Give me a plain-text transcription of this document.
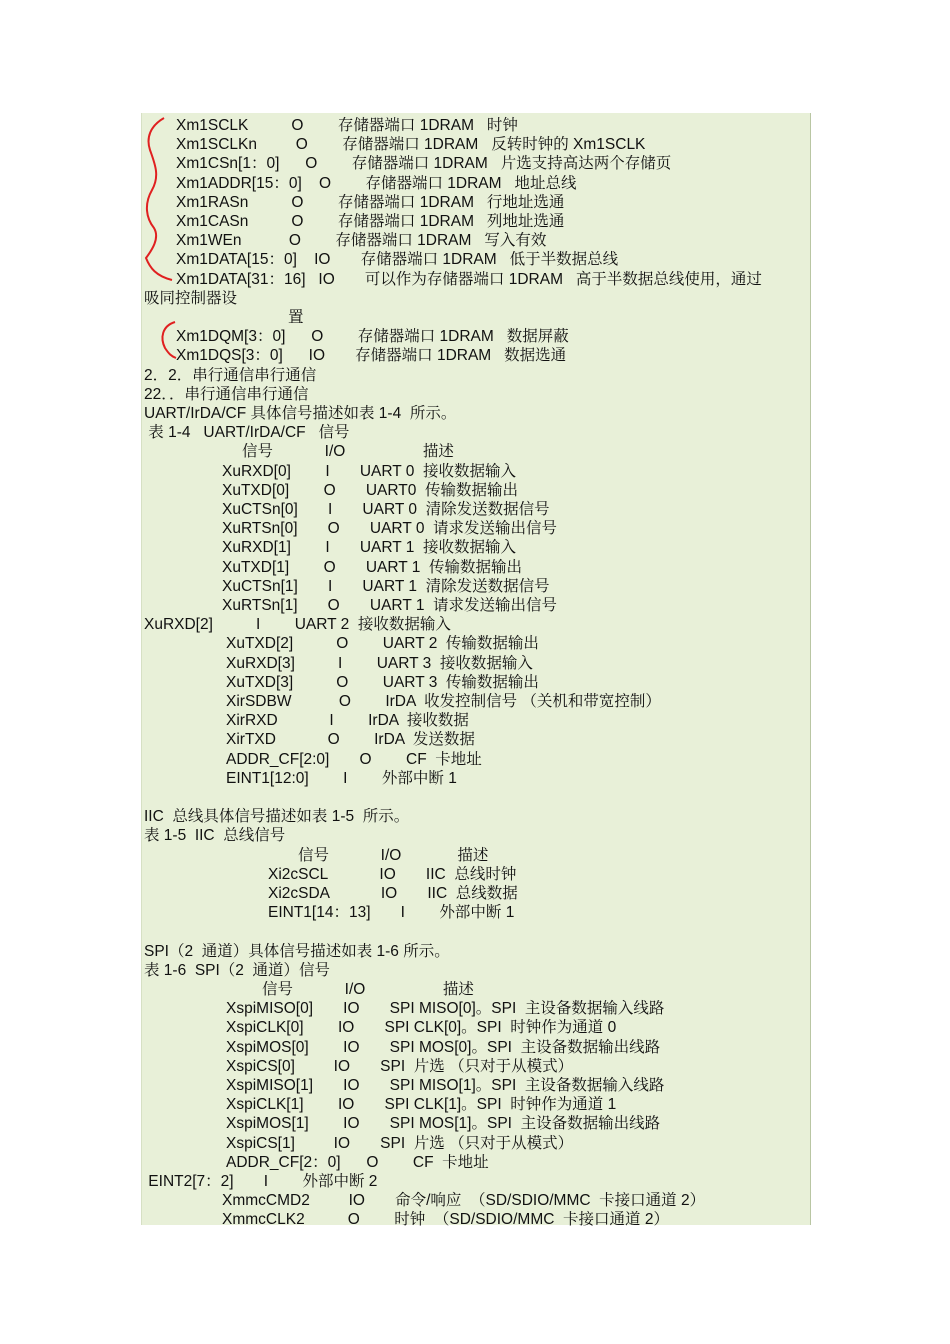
Xm1SCLK          O        存储器端口 1DRAM   时钟
Xm1SCLKn         O        存储器端口 1DRAM   反转时钟的 Xm1SCLK
Xm1CSn[1：0]      O        存储器端口 1DRAM   片选支持高达两个存储页
Xm1ADDR[15：0]    O        存储器端口 1DRAM   地址总线
Xm1RASn          O        存储器端口 1DRAM   行地址选通
Xm1CASn          O        存储器端口 1DRAM   列地址选通
Xm1WEn           O        存储器端口 1DRAM   写入有效
Xm1DATA[15：0]    IO       存储器端口 1DRAM   低于半数据总线
Xm1DATA[31：16]   IO       可以作为存储器端口 1DRAM   高于半数据总线使用，通过
吸同控制器设
置
Xm1DQM[3：0]      O        存储器端口 1DRAM   数据屏蔽
Xm1DQS[3：0]      IO       存储器端口 1DRAM   数据选通
2．2．串行通信串行通信
22．．串行通信串行通信
UART/IrDA/CF 具体信号描述如表 1-4  所示。
表 1-4   UART/IrDA/CF   信号
信号            I/O                  描述
XuRXD[0]        I       UART 0  接收数据输入
XuTXD[0]        O       UART0  传输数据输出
XuCTSn[0]       I       UART 0  清除发送数据信号
XuRTSn[0]       O       UART 0  请求发送输出信号
XuRXD[1]        I       UART 1  接收数据输入
XuTXD[1]        O       UART 1  传输数据输出
XuCTSn[1]       I       UART 1  清除发送数据信号
XuRTSn[1]       O       UART 1  请求发送输出信号
XuRXD[2]          I        UART 2  接收数据输入
XuTXD[2]          O        UART 2  传输数据输出
XuRXD[3]          I        UART 3  接收数据输入
XuTXD[3]          O        UART 3  传输数据输出
XirSDBW           O        IrDA  收发控制信号 （关机和带宽控制）
XirRXD            I        IrDA  接收数据
XirTXD            O        IrDA  发送数据
ADDR_CF[2:0]       O        CF  卡地址
EINT1[12:0]        I        外部中断 1
IIC  总线具体信号描述如表 1-5  所示。
表 1-5  IIC  总线信号
信号            I/O             描述
Xi2cSCL            IO       IIC  总线时钟
Xi2cSDA            IO       IIC  总线数据
EINT1[14：13]       I        外部中断 1
SPI（2  通道）具体信号描述如表 1-6 所示。
表 1-6  SPI（2  通道）信号
信号            I/O                  描述
XspiMISO[0]       IO       SPI MISO[0]。SPI  主设备数据输入线路
XspiCLK[0]        IO       SPI CLK[0]。SPI  时钟作为通道 0
XspiMOS[0]        IO       SPI MOS[0]。SPI  主设备数据输出线路
XspiCS[0]         IO       SPI  片选 （只对于从模式）
XspiMISO[1]       IO       SPI MISO[1]。SPI  主设备数据输入线路
XspiCLK[1]        IO       SPI CLK[1]。SPI  时钟作为通道 1
XspiMOS[1]        IO       SPI MOS[1]。SPI  主设备数据输出线路
XspiCS[1]         IO       SPI  片选 （只对于从模式）
ADDR_CF[2：0]      O        CF  卡地址
EINT2[7：2]       I        外部中断 2
XmmcCMD2         IO       命令/响应  （SD/SDIO/MMC  卡接口通道 2）
XmmcCLK2          O        时钟  （SD/SDIO/MMC  卡接口通道 2）
